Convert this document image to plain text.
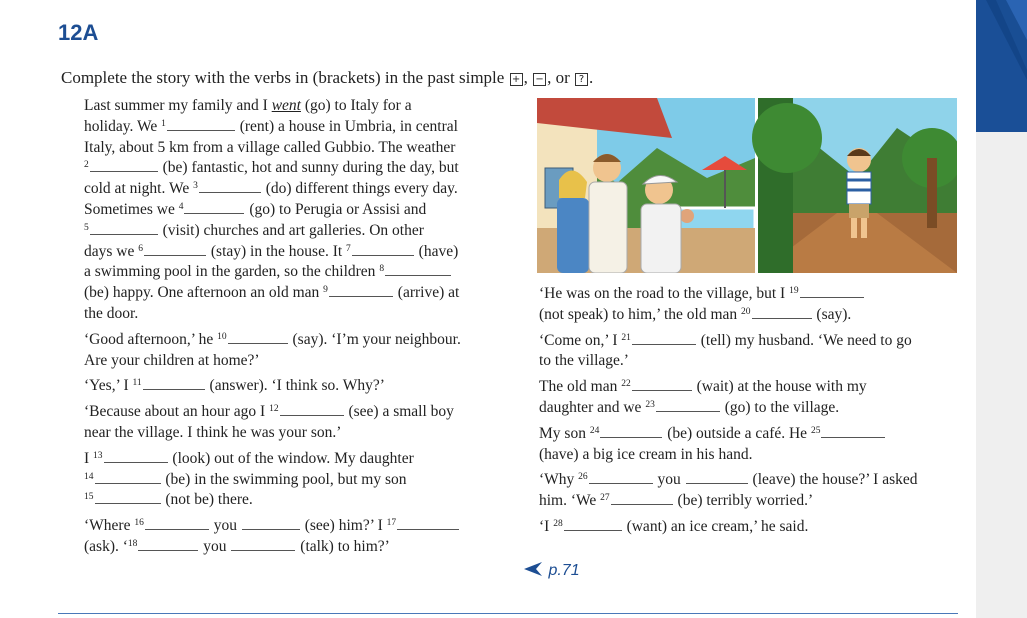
12A
Complete the story with the verbs in (brackets) in the past simple + , − , or ? .
Last summer my family and I went (go) to Italy for a
holiday. We $^1$	(rent) a house in Umbria, in central
Italy, about 5 km from a village called Gubbio. The weather
$^2$	(be) fantastic, hot and sunny during the day, but
cold at night. We $^3$	(do) different things every day.
Sometimes we $^4$	(go) to Perugia or Assisi and
$^5$	(visit) churches and art galleries. On other
days we $^6$	(stay) in the house. It $^7$	(have)
a swimming pool in the garden, so the children $^8$
(be) happy. One afternoon an old man $^9$	(arrive) at
the door.
‘Good afternoon,’ he $^{10}$	(say). ‘I’m your neighbour.
Are your children at home?’
‘Yes,’ I $^{11}$	(answer). ‘I think so. Why?’
‘Because about an hour ago I $^{12}$	(see) a small boy
near the village. I think he was your son.’
I $^{13}$	(look) out of the window. My daughter
$^{14}$	(be) in the swimming pool, but my son
$^{15}$	(not be) there.
‘Where $^{16}$	you	(see) him?’ I $^{17}$
(ask). ‘$^{18}$	you	(talk) to him?’
‘He was on the road to the village, but I $^{19}$
(not speak) to him,’ the old man $^{20}$	(say).
‘Come on,’ I $^{21}$	(tell) my husband. ‘We need to go
to the village.’
The old man $^{22}$	(wait) at the house with my
daughter and we $^{23}$	(go) to the village.
My son $^{24}$	(be) outside a café. He $^{25}$
(have) a big ice cream in his hand.
‘Why $^{26}$	you	(leave) the house?’ I asked
him. ‘We $^{27}$	(be) terribly worried.’
‘I $^{28}$	(want) an ice cream,’ he said.
p.71
